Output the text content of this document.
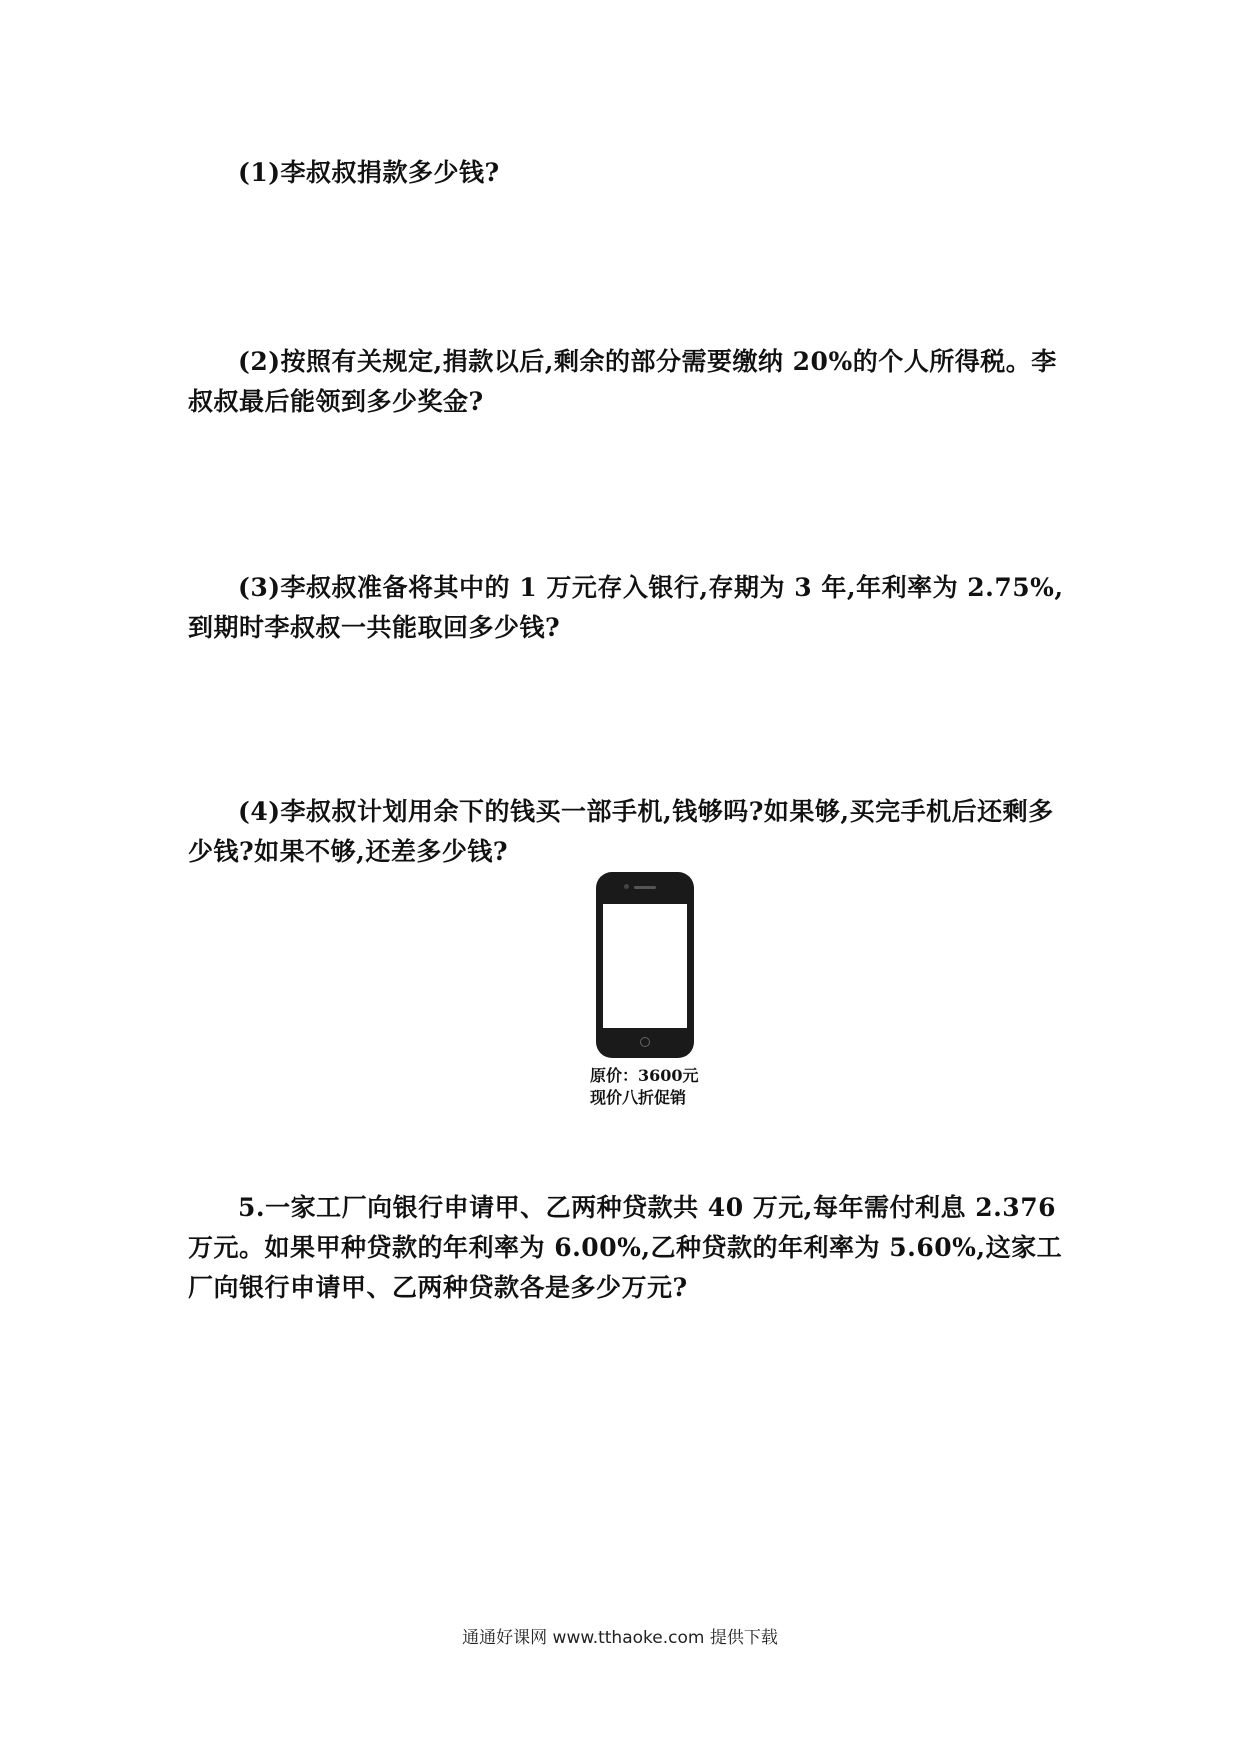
(1)李叔叔捐款多少钱?
(2)按照有关规定,捐款以后,剩余的部分需要缴纳 20%的个人所得税。李叔叔最后能领到多少奖金?
(3)李叔叔准备将其中的 1 万元存入银行,存期为 3 年,年利率为 2.75%,到期时李叔叔一共能取回多少钱?
(4)李叔叔计划用余下的钱买一部手机,钱够吗?如果够,买完手机后还剩多少钱?如果不够,还差多少钱?
原价：3600元
现价八折促销
5.一家工厂向银行申请甲、乙两种贷款共 40 万元,每年需付利息 2.376 万元。如果甲种贷款的年利率为 6.00%,乙种贷款的年利率为 5.60%,这家工厂向银行申请甲、乙两种贷款各是多少万元?
通通好课网 www.tthaoke.com 提供下载
